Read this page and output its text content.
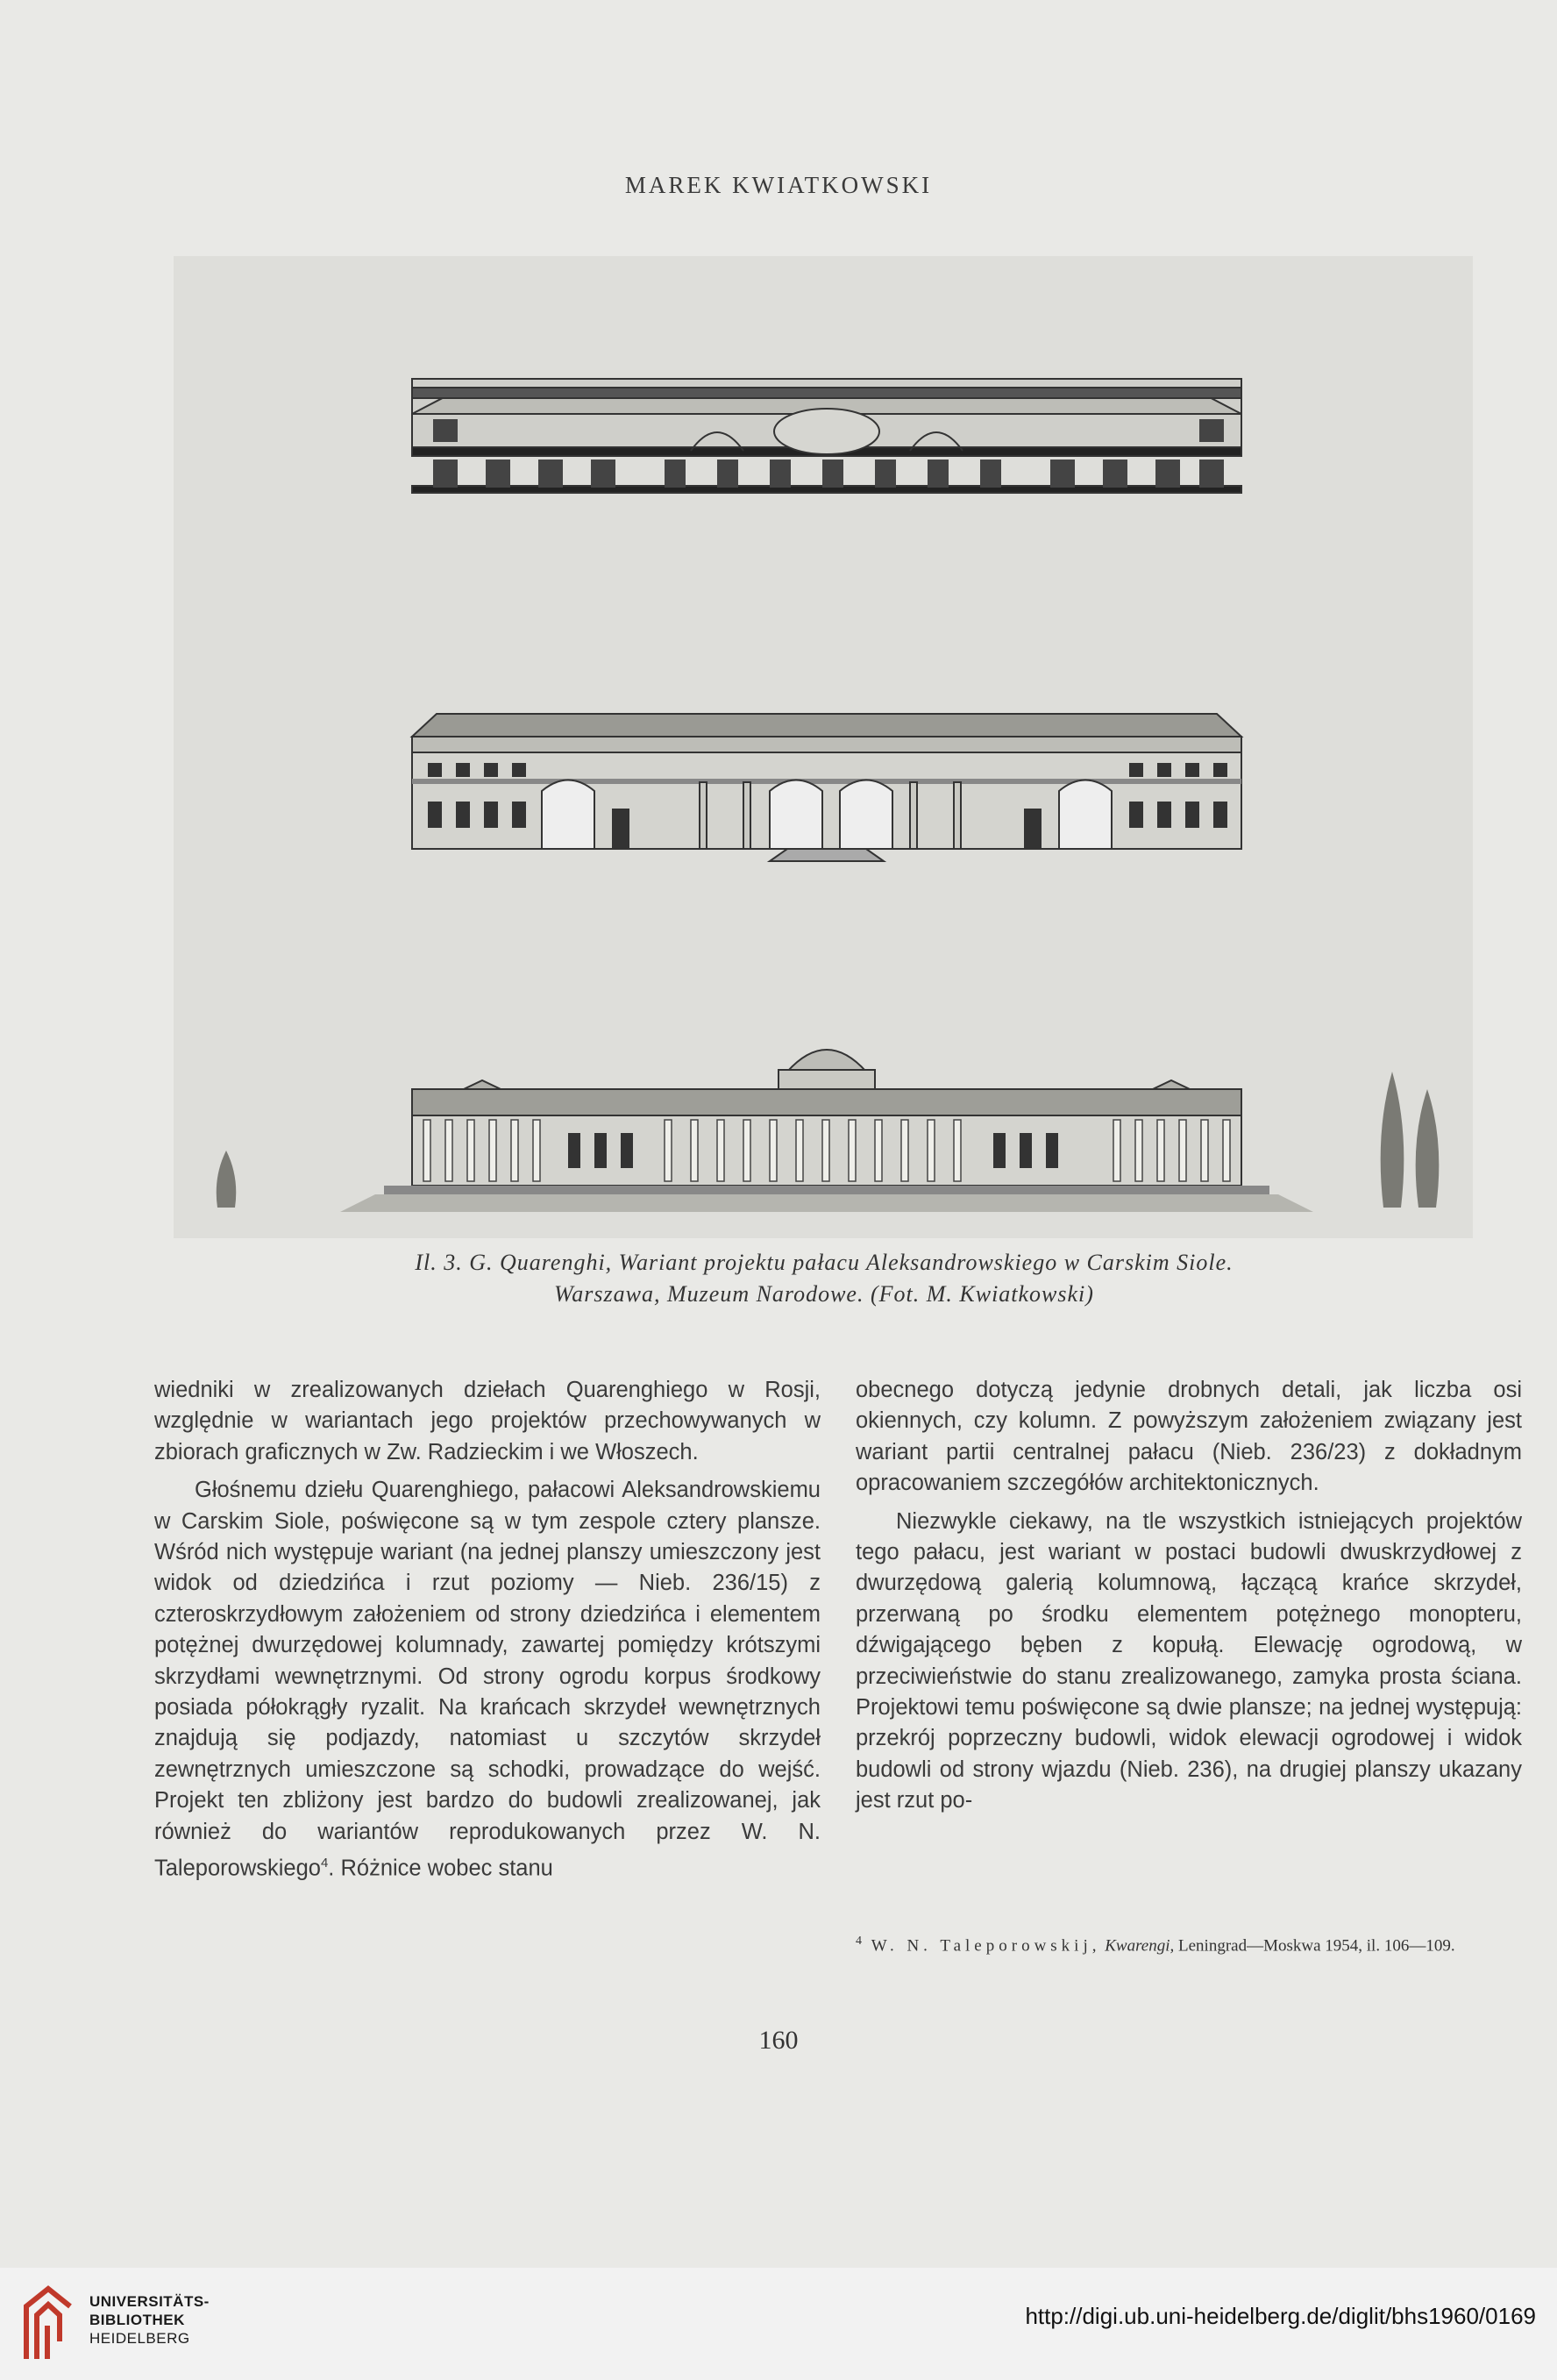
MAREK KWIATKOWSKI
Il. 3. G. Quarenghi, Wariant projektu pałacu Aleksandrowskiego w Carskim Siole.
Warszawa, Muzeum Narodowe. (Fot. M. Kwiatkowski)

wiedniki w zrealizowanych dziełach Quarenghiego w Rosji, względnie w wariantach jego projektów przechowywanych w zbiorach graficznych w Zw. Radzieckim i we Włoszech.

Głośnemu dziełu Quarenghiego, pałacowi Aleksandrowskiemu w Carskim Siole, poświęcone są w tym zespole cztery plansze. Wśród nich występuje wariant (na jednej planszy umieszczony jest widok od dziedzińca i rzut poziomy — Nieb. 236/15) z czteroskrzydłowym założeniem od strony dziedzińca i elementem potężnej dwurzędowej kolumnady, zawartej pomiędzy krótszymi skrzydłami wewnętrznymi. Od strony ogrodu korpus środkowy posiada półokrągły ryzalit. Na krańcach skrzydeł wewnętrznych znajdują się podjazdy, natomiast u szczytów skrzydeł zewnętrznych umieszczone są schodki, prowadzące do wejść. Projekt ten zbliżony jest bardzo do budowli zrealizowanej, jak również do wariantów reprodukowanych przez W. N. Taleporowskiego$^4$. Różnice wobec stanu

obecnego dotyczą jedynie drobnych detali, jak liczba osi okiennych, czy kolumn. Z powyższym założeniem związany jest wariant partii centralnej pałacu (Nieb. 236/23) z dokładnym opracowaniem szczegółów architektonicznych.

Niezwykle ciekawy, na tle wszystkich istniejących projektów tego pałacu, jest wariant w postaci budowli dwuskrzydłowej z dwurzędową galerią kolumnową, łączącą krańce skrzydeł, przerwaną po środku elementem potężnego monopteru, dźwigającego bęben z kopułą. Elewację ogrodową, w przeciwieństwie do stanu zrealizowanego, zamyka prosta ściana. Projektowi temu poświęcone są dwie plansze; na jednej występują: przekrój poprzeczny budowli, widok elewacji ogrodowej i widok budowli od strony wjazdu (Nieb. 236), na drugiej planszy ukazany jest rzut po-

$^4$ W. N. Taleporowskij, Kwarengi, Leningrad—Moskwa 1954, il. 106—109.
160
UNIVERSITÄTS-
BIBLIOTHEK
HEIDELBERG
http://digi.ub.uni-heidelberg.de/diglit/bhs1960/0169
